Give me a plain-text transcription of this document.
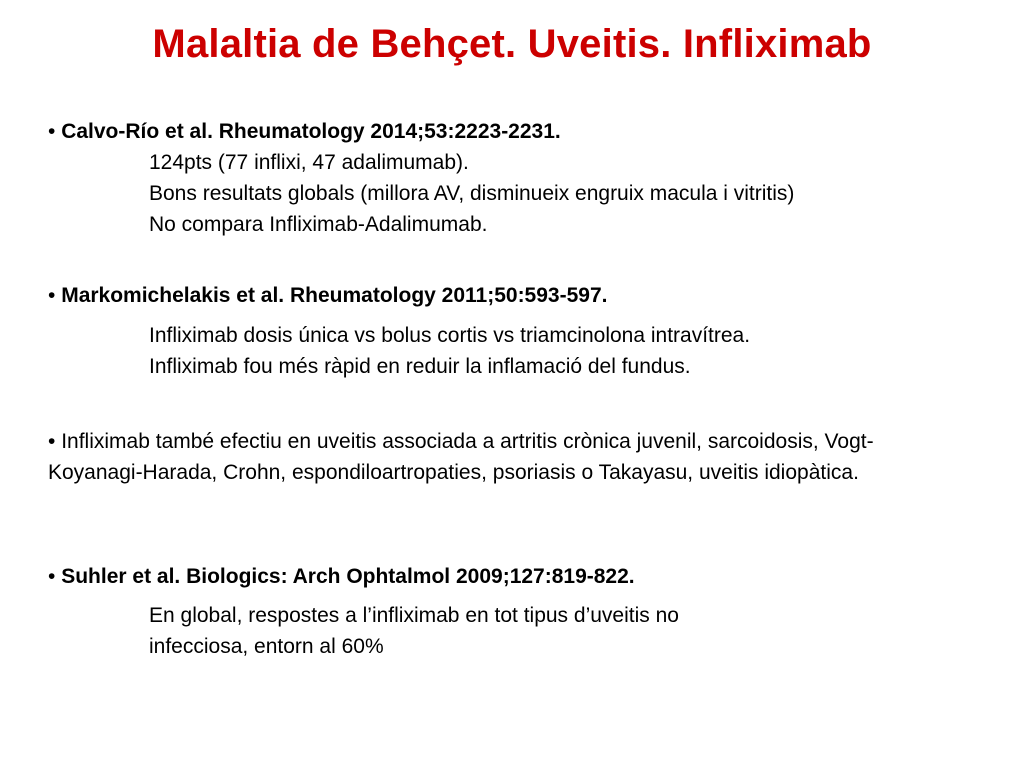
Malaltia de Behçet. Uveitis. Infliximab
• Calvo-Río et al. Rheumatology 2014;53:2223-2231.
124pts (77 inflixi, 47 adalimumab).
Bons resultats globals (millora AV, disminueix engruix macula i vitritis)
No compara Infliximab-Adalimumab.
• Markomichelakis et al. Rheumatology 2011;50:593-597.
Infliximab dosis única vs bolus cortis vs triamcinolona intravítrea.
Infliximab fou més ràpid en reduir la inflamació del fundus.
• Infliximab també efectiu en uveitis associada a artritis crònica juvenil, sarcoidosis, Vogt-Koyanagi-Harada, Crohn, espondiloartropaties, psoriasis o Takayasu, uveitis idiopàtica.
• Suhler et al. Biologics: Arch Ophtalmol 2009;127:819-822.
En global, respostes a l’infliximab en tot tipus d’uveitis no
infecciosa, entorn al 60%
